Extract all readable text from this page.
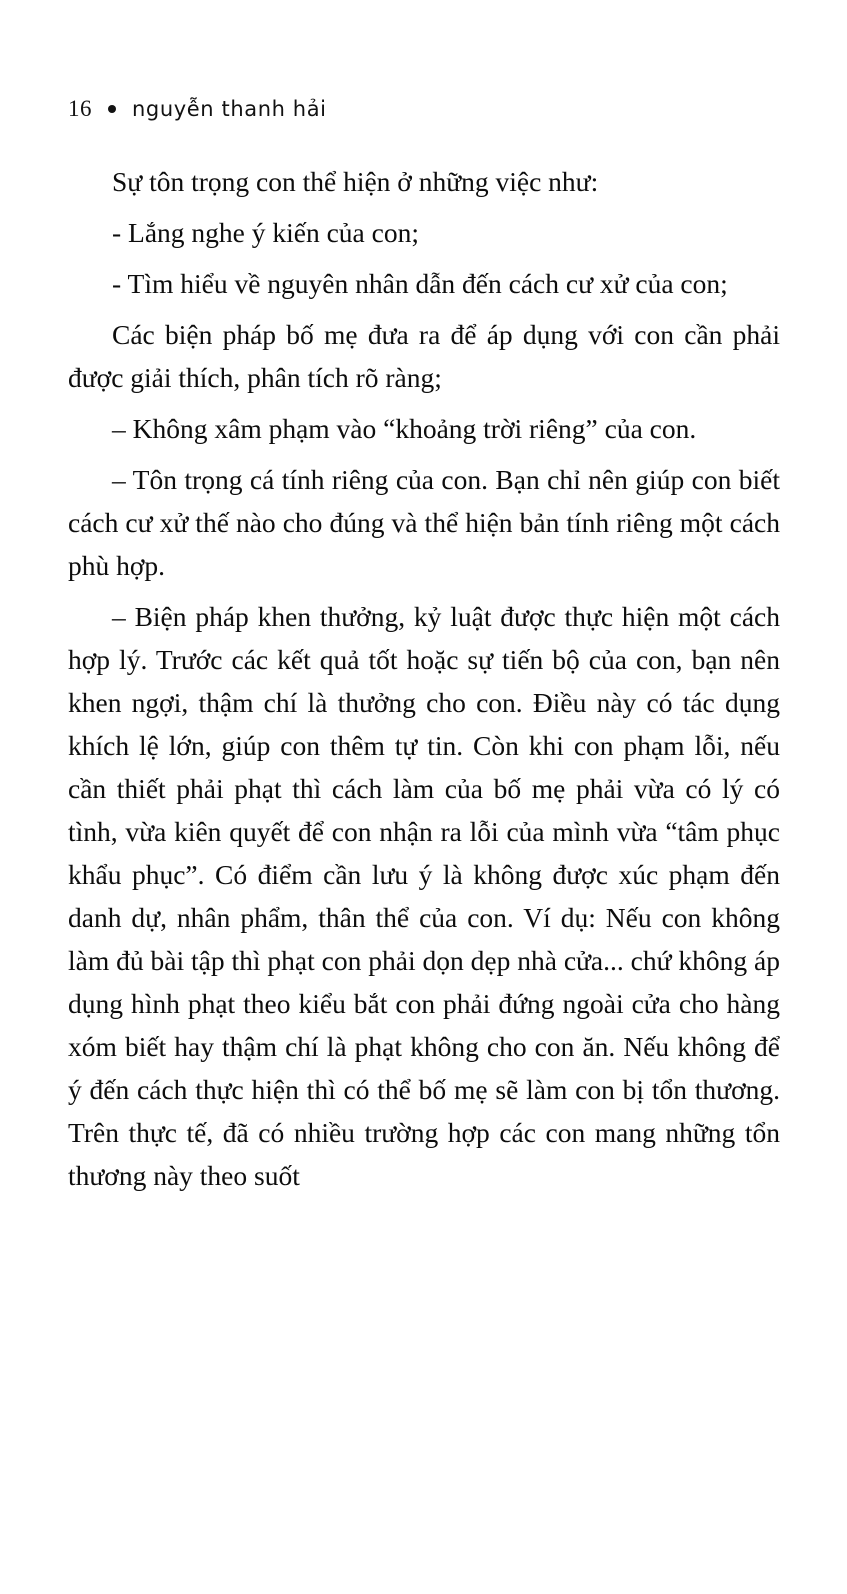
16 nguyễn thanh hải

Sự tôn trọng con thể hiện ở những việc như:

- Lắng nghe ý kiến của con;

- Tìm hiểu về nguyên nhân dẫn đến cách cư xử của con;

Các biện pháp bố mẹ đưa ra để áp dụng với con cần phải được giải thích, phân tích rõ ràng;

– Không xâm phạm vào “khoảng trời riêng” của con.

– Tôn trọng cá tính riêng của con. Bạn chỉ nên giúp con biết cách cư xử thế nào cho đúng và thể hiện bản tính riêng một cách phù hợp.

– Biện pháp khen thưởng, kỷ luật được thực hiện một cách hợp lý. Trước các kết quả tốt hoặc sự tiến bộ của con, bạn nên khen ngợi, thậm chí là thưởng cho con. Điều này có tác dụng khích lệ lớn, giúp con thêm tự tin. Còn khi con phạm lỗi, nếu cần thiết phải phạt thì cách làm của bố mẹ phải vừa có lý có tình, vừa kiên quyết để con nhận ra lỗi của mình vừa “tâm phục khẩu phục”. Có điểm cần lưu ý là không được xúc phạm đến danh dự, nhân phẩm, thân thể của con. Ví dụ: Nếu con không làm đủ bài tập thì phạt con phải dọn dẹp nhà cửa... chứ không áp dụng hình phạt theo kiểu bắt con phải đứng ngoài cửa cho hàng xóm biết hay thậm chí là phạt không cho con ăn. Nếu không để ý đến cách thực hiện thì có thể bố mẹ sẽ làm con bị tổn thương. Trên thực tế, đã có nhiều trường hợp các con mang những tổn thương này theo suốt
